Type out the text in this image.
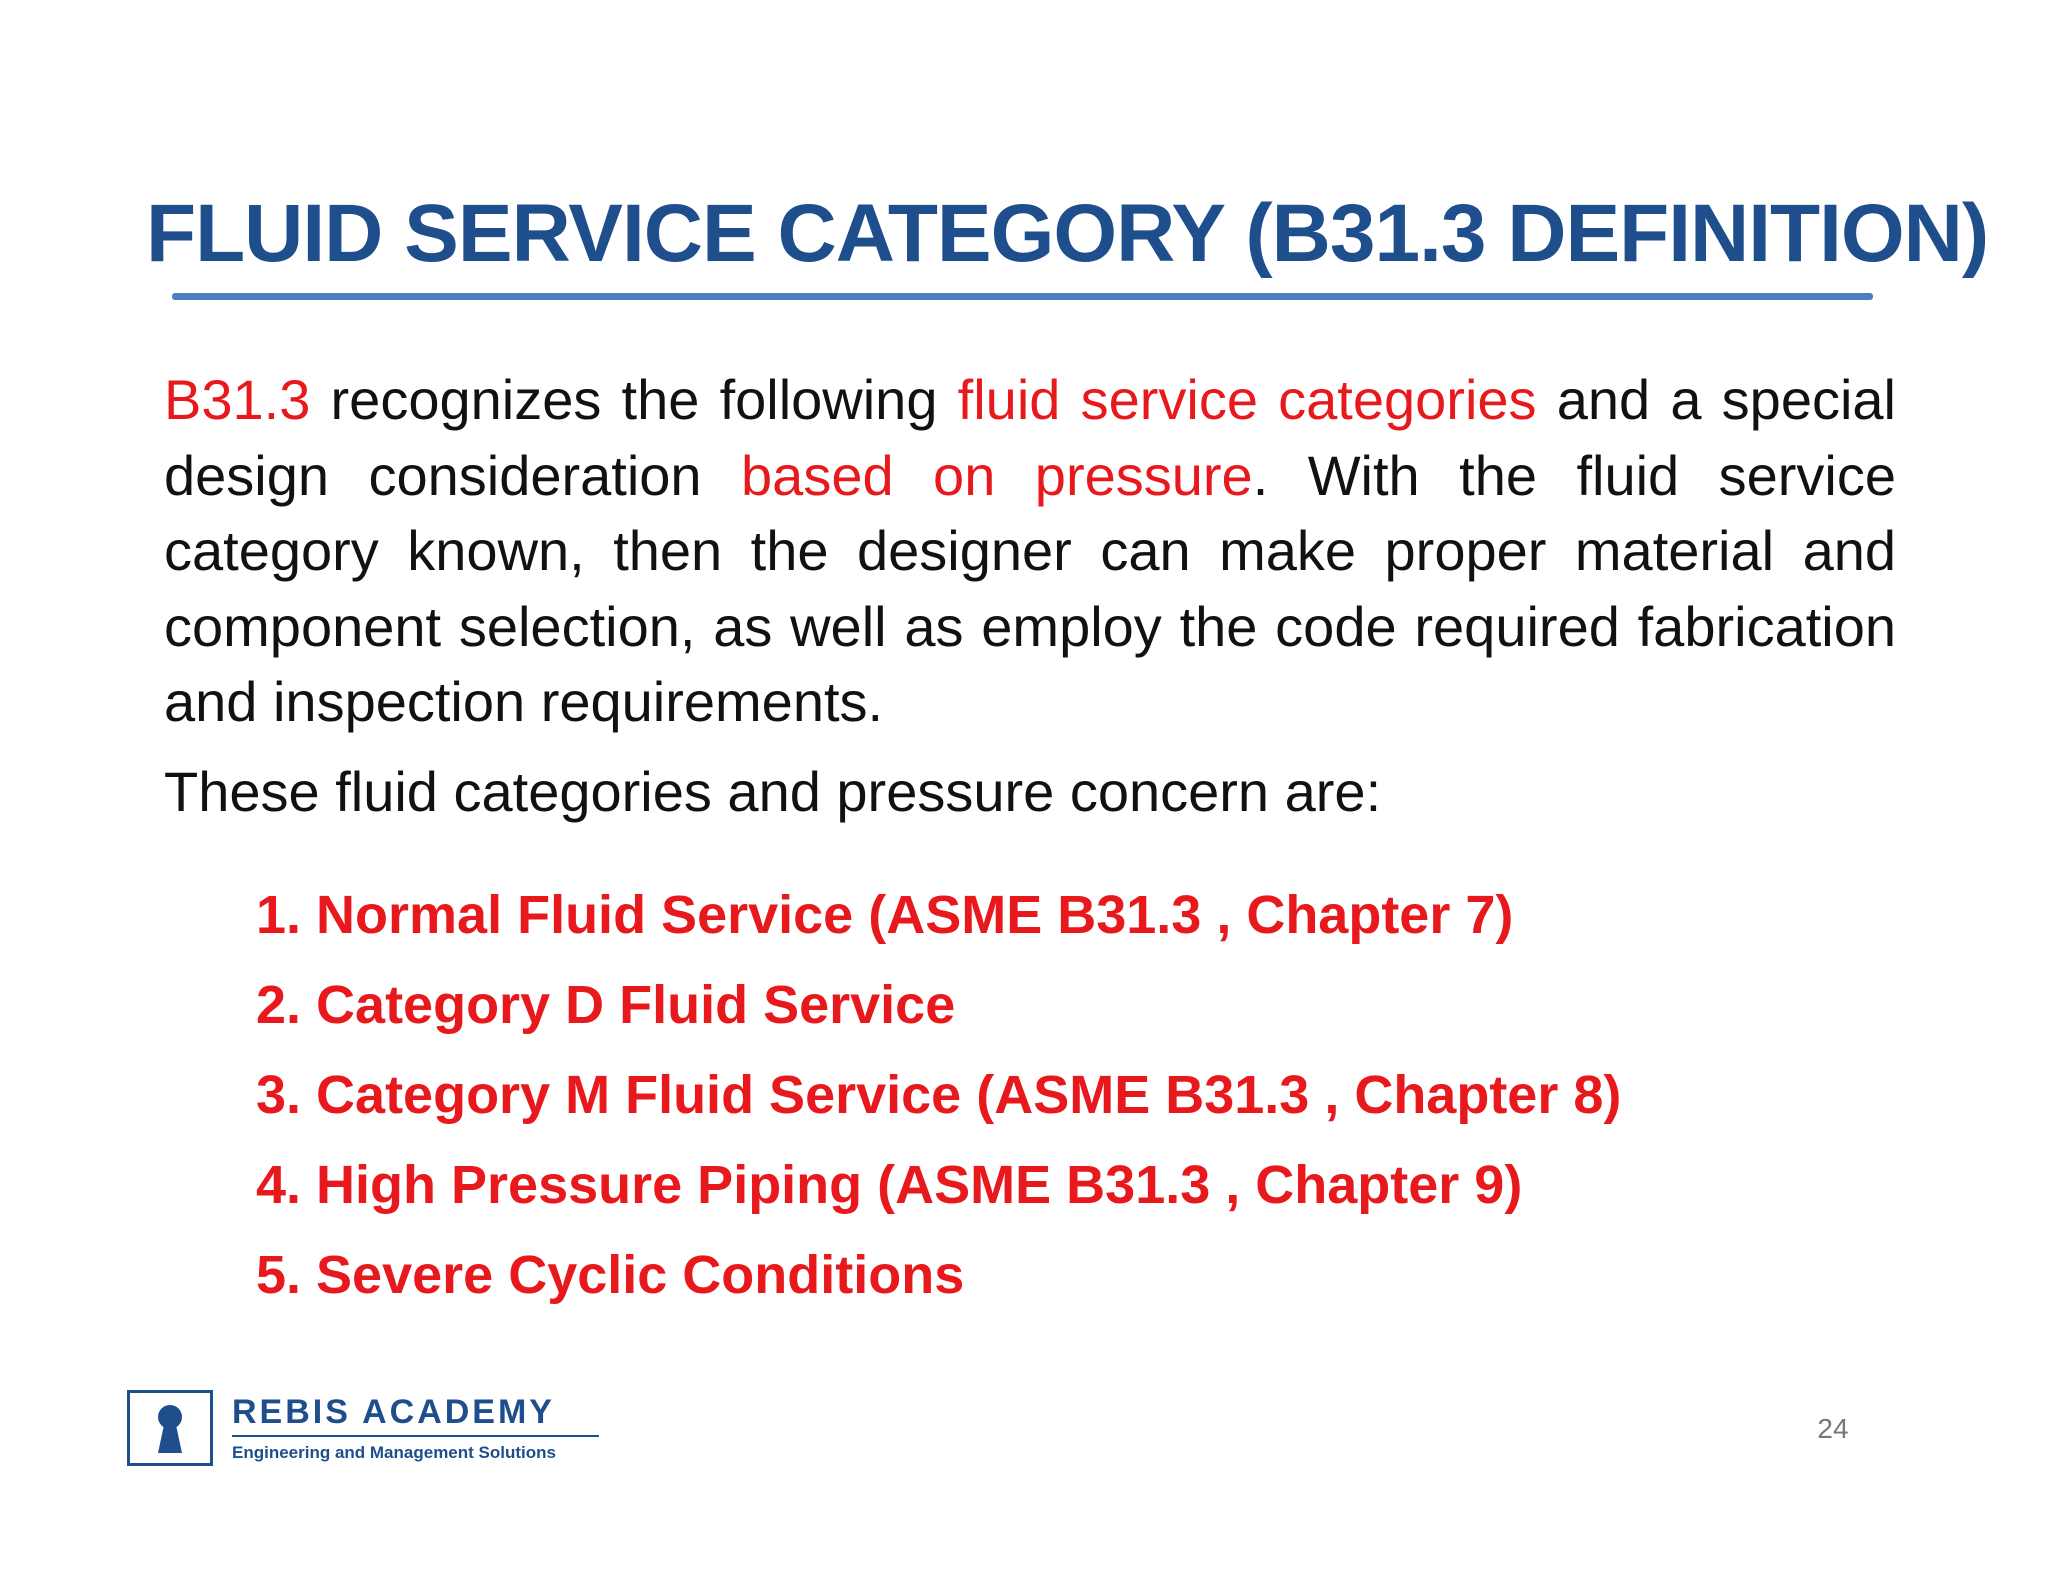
FLUID SERVICE CATEGORY (B31.3 DEFINITION)

B31.3 recognizes the following fluid service categories and a special design consideration based on pressure. With the fluid service category known, then the designer can make proper material and component selection, as well as employ the code required fabrication and inspection requirements.

These fluid categories and pressure concern are:

1. Normal Fluid Service (ASME B31.3 , Chapter 7)
2. Category D Fluid Service
3. Category M Fluid Service (ASME B31.3 , Chapter 8)
4. High Pressure Piping (ASME B31.3 , Chapter 9)
5. Severe Cyclic Conditions
REBIS ACADEMY
Engineering and Management Solutions
24
